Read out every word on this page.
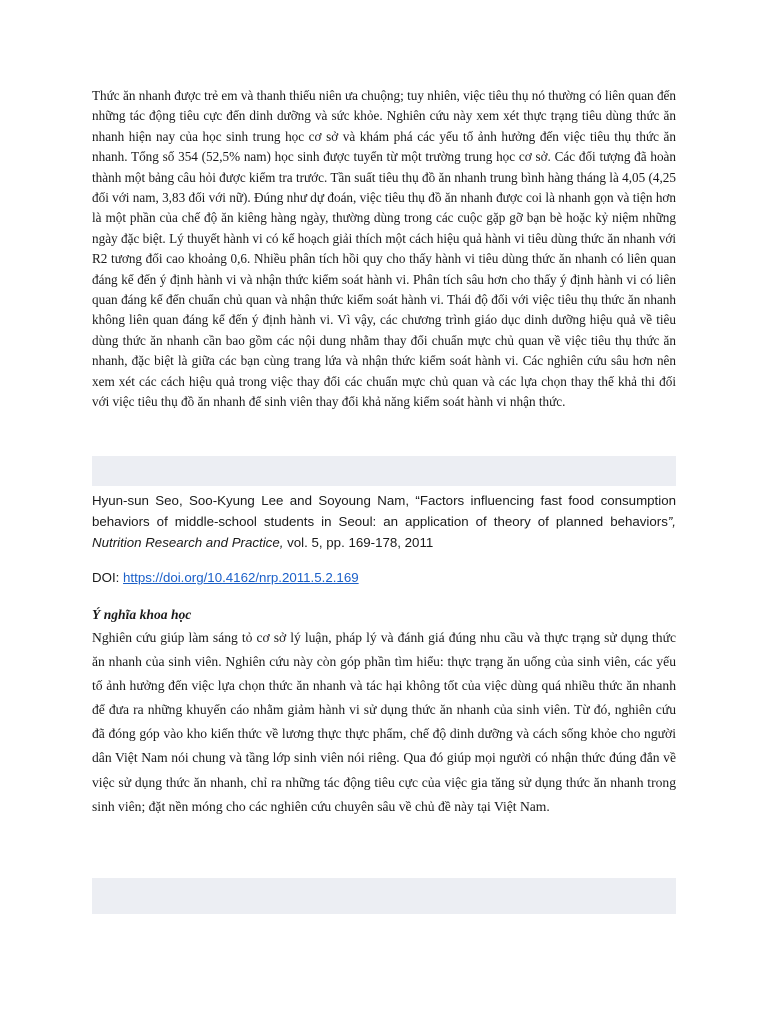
Thức ăn nhanh được trẻ em và thanh thiếu niên ưa chuộng; tuy nhiên, việc tiêu thụ nó thường có liên quan đến những tác động tiêu cực đến dinh dưỡng và sức khỏe. Nghiên cứu này xem xét thực trạng tiêu dùng thức ăn nhanh hiện nay của học sinh trung học cơ sở và khám phá các yếu tố ảnh hưởng đến việc tiêu thụ thức ăn nhanh. Tổng số 354 (52,5% nam) học sinh được tuyển từ một trường trung học cơ sở. Các đối tượng đã hoàn thành một bảng câu hỏi được kiểm tra trước. Tần suất tiêu thụ đồ ăn nhanh trung bình hàng tháng là 4,05 (4,25 đối với nam, 3,83 đối với nữ). Đúng như dự đoán, việc tiêu thụ đồ ăn nhanh được coi là nhanh gọn và tiện hơn là một phần của chế độ ăn kiêng hàng ngày, thường dùng trong các cuộc gặp gỡ bạn bè hoặc kỷ niệm những ngày đặc biệt. Lý thuyết hành vi có kế hoạch giải thích một cách hiệu quả hành vi tiêu dùng thức ăn nhanh với R2 tương đối cao khoảng 0,6. Nhiều phân tích hồi quy cho thấy hành vi tiêu dùng thức ăn nhanh có liên quan đáng kể đến ý định hành vi và nhận thức kiểm soát hành vi. Phân tích sâu hơn cho thấy ý định hành vi có liên quan đáng kể đến chuẩn chủ quan và nhận thức kiểm soát hành vi. Thái độ đối với việc tiêu thụ thức ăn nhanh không liên quan đáng kể đến ý định hành vi. Vì vậy, các chương trình giáo dục dinh dưỡng hiệu quả về tiêu dùng thức ăn nhanh cần bao gồm các nội dung nhằm thay đổi chuẩn mực chủ quan về việc tiêu thụ thức ăn nhanh, đặc biệt là giữa các bạn cùng trang lứa và nhận thức kiểm soát hành vi. Các nghiên cứu sâu hơn nên xem xét các cách hiệu quả trong việc thay đổi các chuẩn mực chủ quan và các lựa chọn thay thế khả thi đối với việc tiêu thụ đồ ăn nhanh để sinh viên thay đổi khả năng kiểm soát hành vi nhận thức.

Hyun-sun Seo, Soo-Kyung Lee and Soyoung Nam, “Factors influencing fast food consumption behaviors of middle-school students in Seoul: an application of theory of planned behaviors”, Nutrition Research and Practice, vol. 5, pp. 169-178, 2011

DOI: https://doi.org/10.4162/nrp.2011.5.2.169

Ý nghĩa khoa học

Nghiên cứu giúp làm sáng tỏ cơ sở lý luận, pháp lý và đánh giá đúng nhu cầu và thực trạng sử dụng thức ăn nhanh của sinh viên. Nghiên cứu này còn góp phần tìm hiểu: thực trạng ăn uống của sinh viên, các yếu tố ảnh hưởng đến việc lựa chọn thức ăn nhanh và tác hại không tốt của việc dùng quá nhiều thức ăn nhanh để đưa ra những khuyến cáo nhằm giảm hành vi sử dụng thức ăn nhanh của sinh viên. Từ đó, nghiên cứu đã đóng góp vào kho kiến thức về lương thực thực phẩm, chế độ dinh dưỡng và cách sống khỏe cho người dân Việt Nam nói chung và tầng lớp sinh viên nói riêng. Qua đó giúp mọi người có nhận thức đúng đắn về việc sử dụng thức ăn nhanh, chỉ ra những tác động tiêu cực của việc gia tăng sử dụng thức ăn nhanh trong sinh viên; đặt nền móng cho các nghiên cứu chuyên sâu về chủ đề này tại Việt Nam.
